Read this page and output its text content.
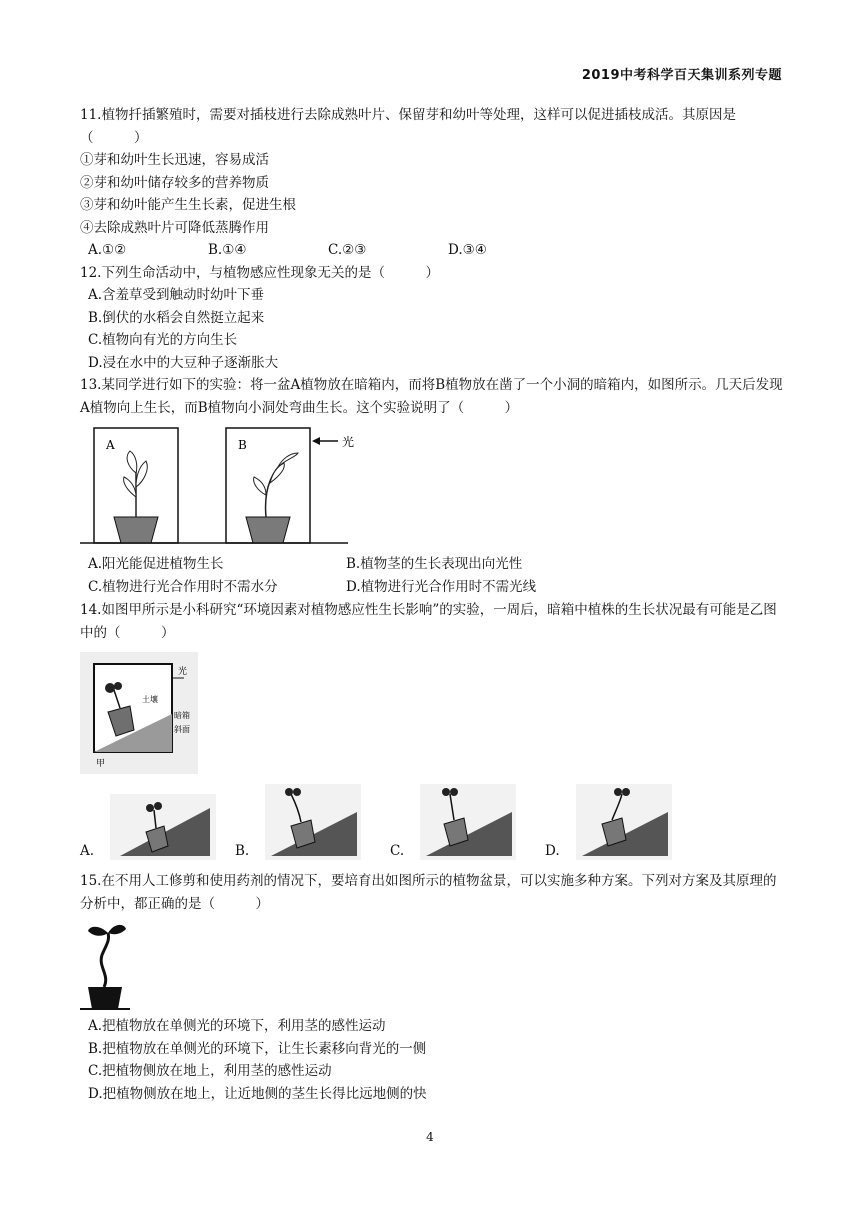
2019中考科学百天集训系列专题
11.植物扦插繁殖时，需要对插枝进行去除成熟叶片、保留芽和幼叶等处理，这样可以促进插枝成活。其原因是（　　　）
①芽和幼叶生长迅速，容易成活
②芽和幼叶储存较多的营养物质
③芽和幼叶能产生生长素，促进生根
④去除成熟叶片可降低蒸腾作用
A.①②	B.①④	C.②③	D.③④
12.下列生命活动中，与植物感应性现象无关的是（　　　）
A.含羞草受到触动时幼叶下垂
B.倒伏的水稻会自然挺立起来
C.植物向有光的方向生长
D.浸在水中的大豆种子逐渐胀大
13.某同学进行如下的实验：将一盆A植物放在暗箱内，而将B植物放在凿了一个小洞的暗箱内，如图所示。几天后发现A植物向上生长，而B植物向小洞处弯曲生长。这个实验说明了（　　　）
A	B	光
A.阳光能促进植物生长	B.植物茎的生长表现出向光性
C.植物进行光合作用时不需水分	D.植物进行光合作用时不需光线
14.如图甲所示是小科研究“环境因素对植物感应性生长影响”的实验，一周后，暗箱中植株的生长状况最有可能是乙图中的（　　　）
光
土壤
暗箱
斜面
甲
A.	B.	C.	D.
15.在不用人工修剪和使用药剂的情况下，要培育出如图所示的植物盆景，可以实施多种方案。下列对方案及其原理的分析中，都正确的是（　　　）
A.把植物放在单侧光的环境下，利用茎的感性运动
B.把植物放在单侧光的环境下，让生长素移向背光的一侧
C.把植物侧放在地上，利用茎的感性运动
D.把植物侧放在地上，让近地侧的茎生长得比远地侧的快
4
